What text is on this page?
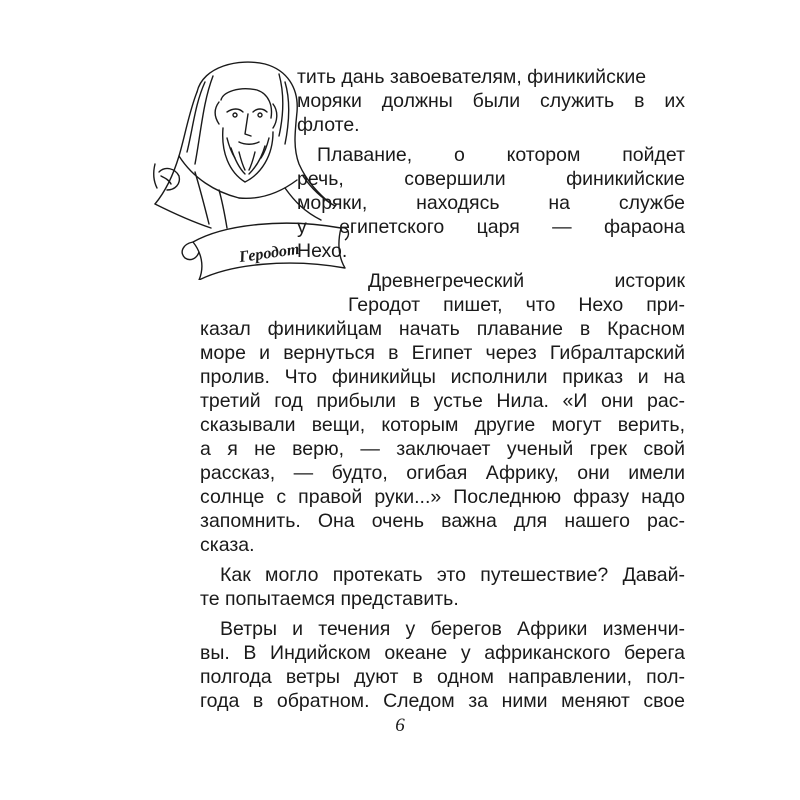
Геродот
тить дань завоевателям, финикийские
моряки должны были служить в их
флоте.
Плавание, о котором пойдет
речь, совершили финикийские
моряки, находясь на службе
у египетского царя — фараона
Нехо.
Древнегреческий историк
Геродот пишет, что Нехо при-
казал финикийцам начать плавание в Красном
море и вернуться в Египет через Гибралтарский
пролив. Что финикийцы исполнили приказ и на
третий год прибыли в устье Нила. «И они рас-
сказывали вещи, которым другие могут верить,
а я не верю, — заключает ученый грек свой
рассказ, — будто, огибая Африку, они имели
солнце с правой руки...» Последнюю фразу надо
запомнить. Она очень важна для нашего рас-
сказа.
Как могло протекать это путешествие? Давай-
те попытаемся представить.
Ветры и течения у берегов Африки изменчи-
вы. В Индийском океане у африканского берега
полгода ветры дуют в одном направлении, пол-
года в обратном. Следом за ними меняют свое
6
